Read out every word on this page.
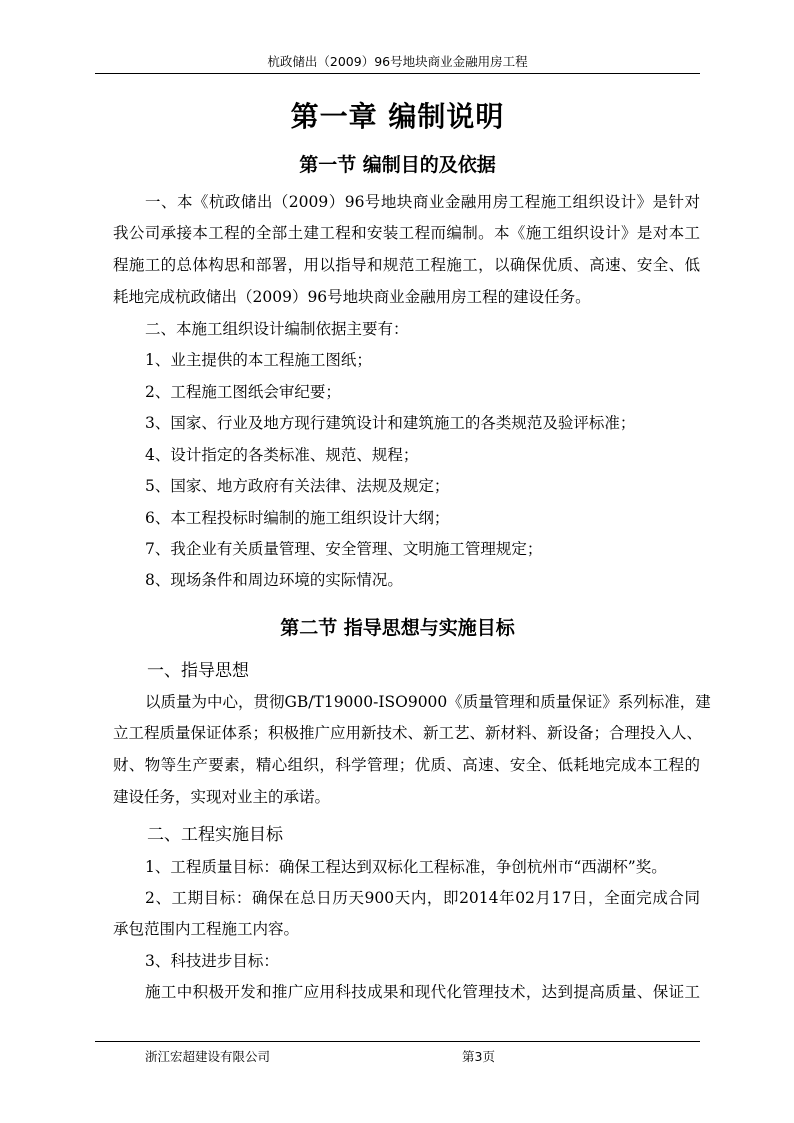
杭政储出（2009）96号地块商业金融用房工程
第一章 编制说明
第一节 编制目的及依据
一、本《杭政储出（2009）96号地块商业金融用房工程施工组织设计》是针对
我公司承接本工程的全部土建工程和安装工程而编制。本《施工组织设计》是对本工
程施工的总体构思和部署，用以指导和规范工程施工，以确保优质、高速、安全、低
耗地完成杭政储出（2009）96号地块商业金融用房工程的建设任务。
二、本施工组织设计编制依据主要有：
1、业主提供的本工程施工图纸；
2、工程施工图纸会审纪要；
3、国家、行业及地方现行建筑设计和建筑施工的各类规范及验评标准；
4、设计指定的各类标准、规范、规程；
5、国家、地方政府有关法律、法规及规定；
6、本工程投标时编制的施工组织设计大纲；
7、我企业有关质量管理、安全管理、文明施工管理规定；
8、现场条件和周边环境的实际情况。
第二节 指导思想与实施目标
一、指导思想
以质量为中心，贯彻GB/T19000-ISO9000《质量管理和质量保证》系列标准，建
立工程质量保证体系；积极推广应用新技术、新工艺、新材料、新设备；合理投入人、
财、物等生产要素，精心组织，科学管理；优质、高速、安全、低耗地完成本工程的
建设任务，实现对业主的承诺。
二、工程实施目标
1、工程质量目标：确保工程达到双标化工程标准，争创杭州市“西湖杯”奖。
2、工期目标：确保在总日历天900天内，即2014年02月17日，全面完成合同
承包范围内工程施工内容。
3、科技进步目标：
施工中积极开发和推广应用科技成果和现代化管理技术，达到提高质量、保证工
浙江宏超建设有限公司	第3页
